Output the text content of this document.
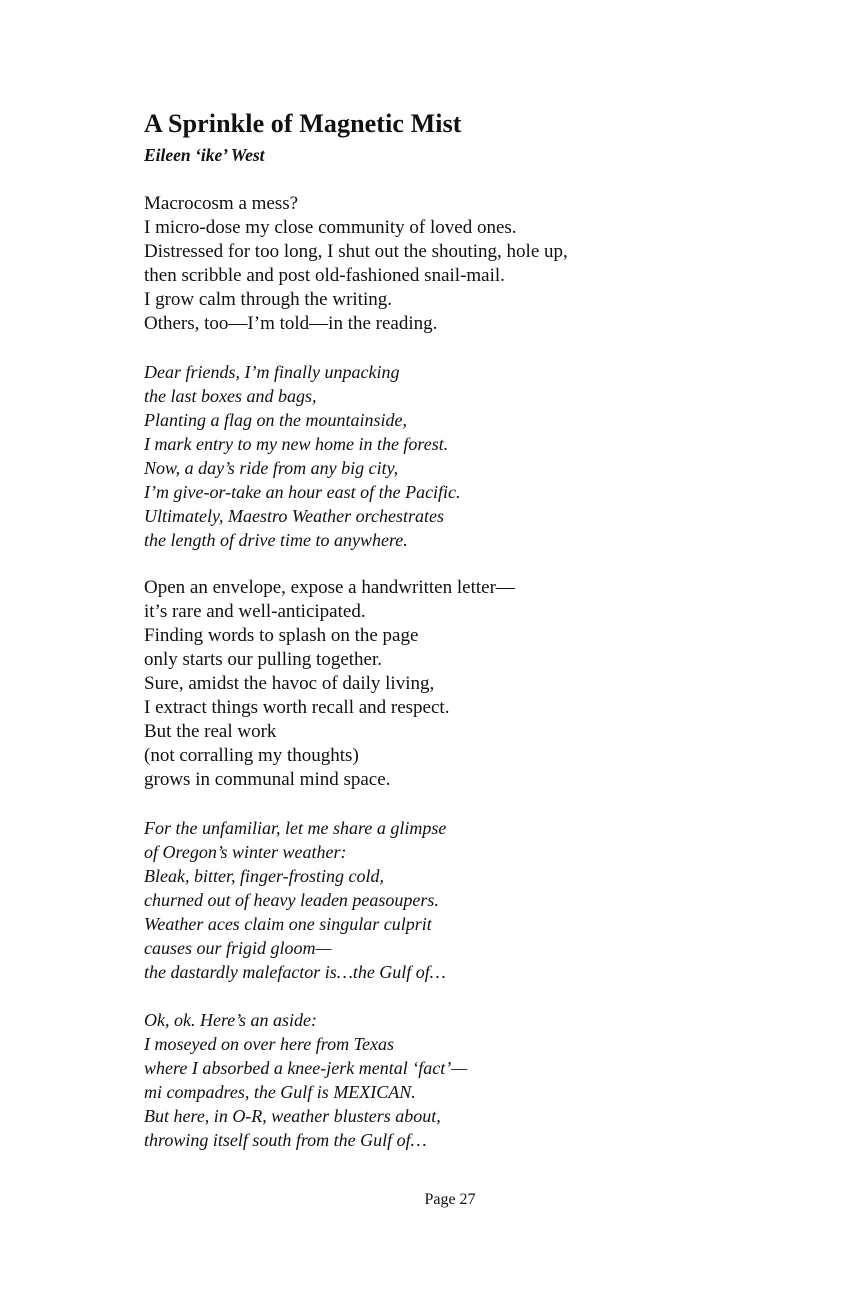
A Sprinkle of Magnetic Mist
Eileen ‘ike’ West
Macrocosm a mess?
I micro-dose my close community of loved ones.
Distressed for too long, I shut out the shouting, hole up,
then scribble and post old-fashioned snail-mail.
I grow calm through the writing.
Others, too—I’m told—in the reading.
Dear friends, I’m finally unpacking
the last boxes and bags,
Planting a flag on the mountainside,
I mark entry to my new home in the forest.
Now, a day’s ride from any big city,
I’m give-or-take an hour east of the Pacific.
Ultimately, Maestro Weather orchestrates
the length of drive time to anywhere.
Open an envelope, expose a handwritten letter—
it’s rare and well-anticipated.
Finding words to splash on the page
only starts our pulling together.
Sure, amidst the havoc of daily living,
I extract things worth recall and respect.
But the real work
(not corralling my thoughts)
grows in communal mind space.
For the unfamiliar, let me share a glimpse
of Oregon’s winter weather:
Bleak, bitter, finger-frosting cold,
churned out of heavy leaden peasoupers.
Weather aces claim one singular culprit
causes our frigid gloom—
the dastardly malefactor is…the Gulf of…
Ok, ok. Here’s an aside:
I moseyed on over here from Texas
where I absorbed a knee-jerk mental ‘fact’—
mi compadres, the Gulf is MEXICAN.
But here, in O-R, weather blusters about,
throwing itself south from the Gulf of…
Page 27
